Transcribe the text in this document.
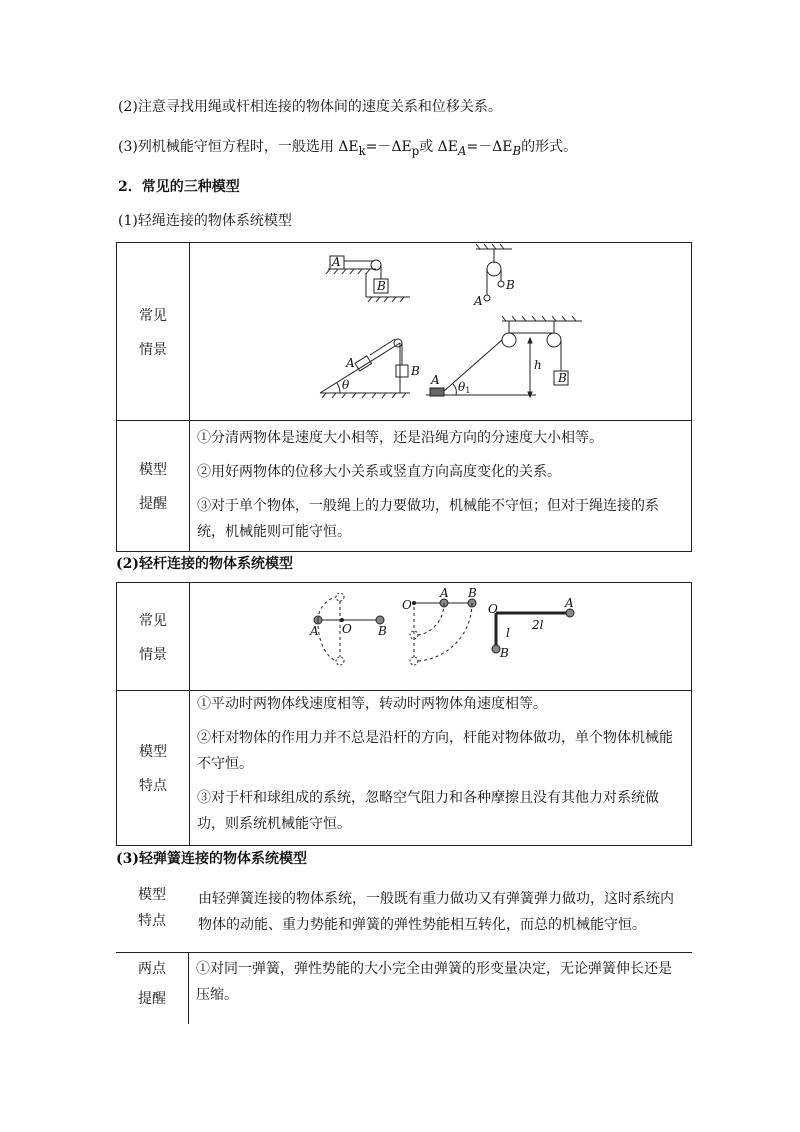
(2)注意寻找用绳或杆相连接的物体间的速度关系和位移关系。
(3)列机械能守恒方程时，一般选用 $\Delta E_k=-\Delta E_p$或 $\Delta E_A=-\Delta E_B$的形式。
2．常见的三种模型
(1)轻绳连接的物体系统模型
常见
情景
A
B
A
B
A
B
θ	A θ1
h
B
模型
提醒
①分清两物体是速度大小相等，还是沿绳方向的分速度大小相等。
②用好两物体的位移大小关系或竖直方向高度变化的关系。
③对于单个物体，一般绳上的力要做功，机械能不守恒；但对于绳连接的系
统，机械能则可能守恒。
(2)轻杆连接的物体系统模型
常见
情景
A O B
O
A B
O	A
l
2l
B
模型
特点
①平动时两物体线速度相等，转动时两物体角速度相等。
②杆对物体的作用力并不总是沿杆的方向，杆能对物体做功，单个物体机械能
不守恒。
③对于杆和球组成的系统，忽略空气阻力和各种摩擦且没有其他力对系统做
功，则系统机械能守恒。
(3)轻弹簧连接的物体系统模型
模型
特点
由轻弹簧连接的物体系统，一般既有重力做功又有弹簧弹力做功，这时系统内
物体的动能、重力势能和弹簧的弹性势能相互转化，而总的机械能守恒。
两点
提醒
①对同一弹簧，弹性势能的大小完全由弹簧的形变量决定，无论弹簧伸长还是
压缩。
